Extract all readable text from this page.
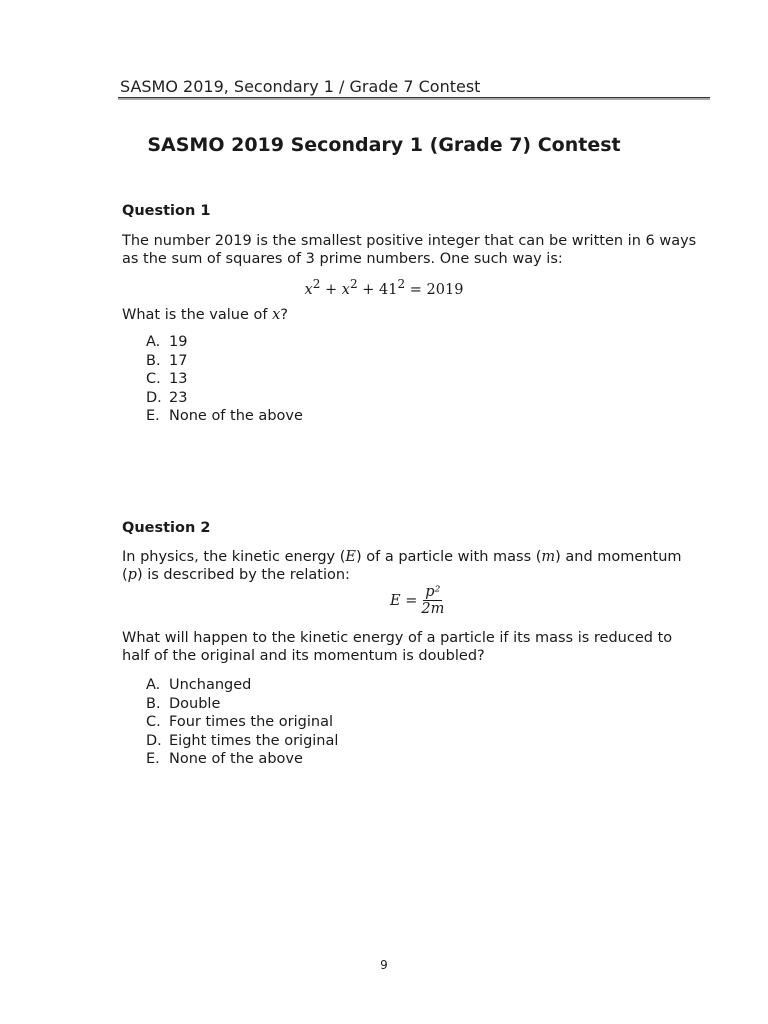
SASMO 2019, Secondary 1 / Grade 7 Contest
SASMO 2019 Secondary 1 (Grade 7) Contest
Question 1
The number 2019 is the smallest positive integer that can be written in 6 ways as the sum of squares of 3 prime numbers. One such way is:
$x^2 + x^2 + 41^2 = 2019$
What is the value of x?
A. 19
B. 17
C. 13
D. 23
E. None of the above
Question 2
In physics, the kinetic energy (E) of a particle with mass (m) and momentum (p) is described by the relation:
$E = \frac{\text{p²}}{2m}$
What will happen to the kinetic energy of a particle if its mass is reduced to half of the original and its momentum is doubled?
A. Unchanged
B. Double
C. Four times the original
D. Eight times the original
E. None of the above
9
